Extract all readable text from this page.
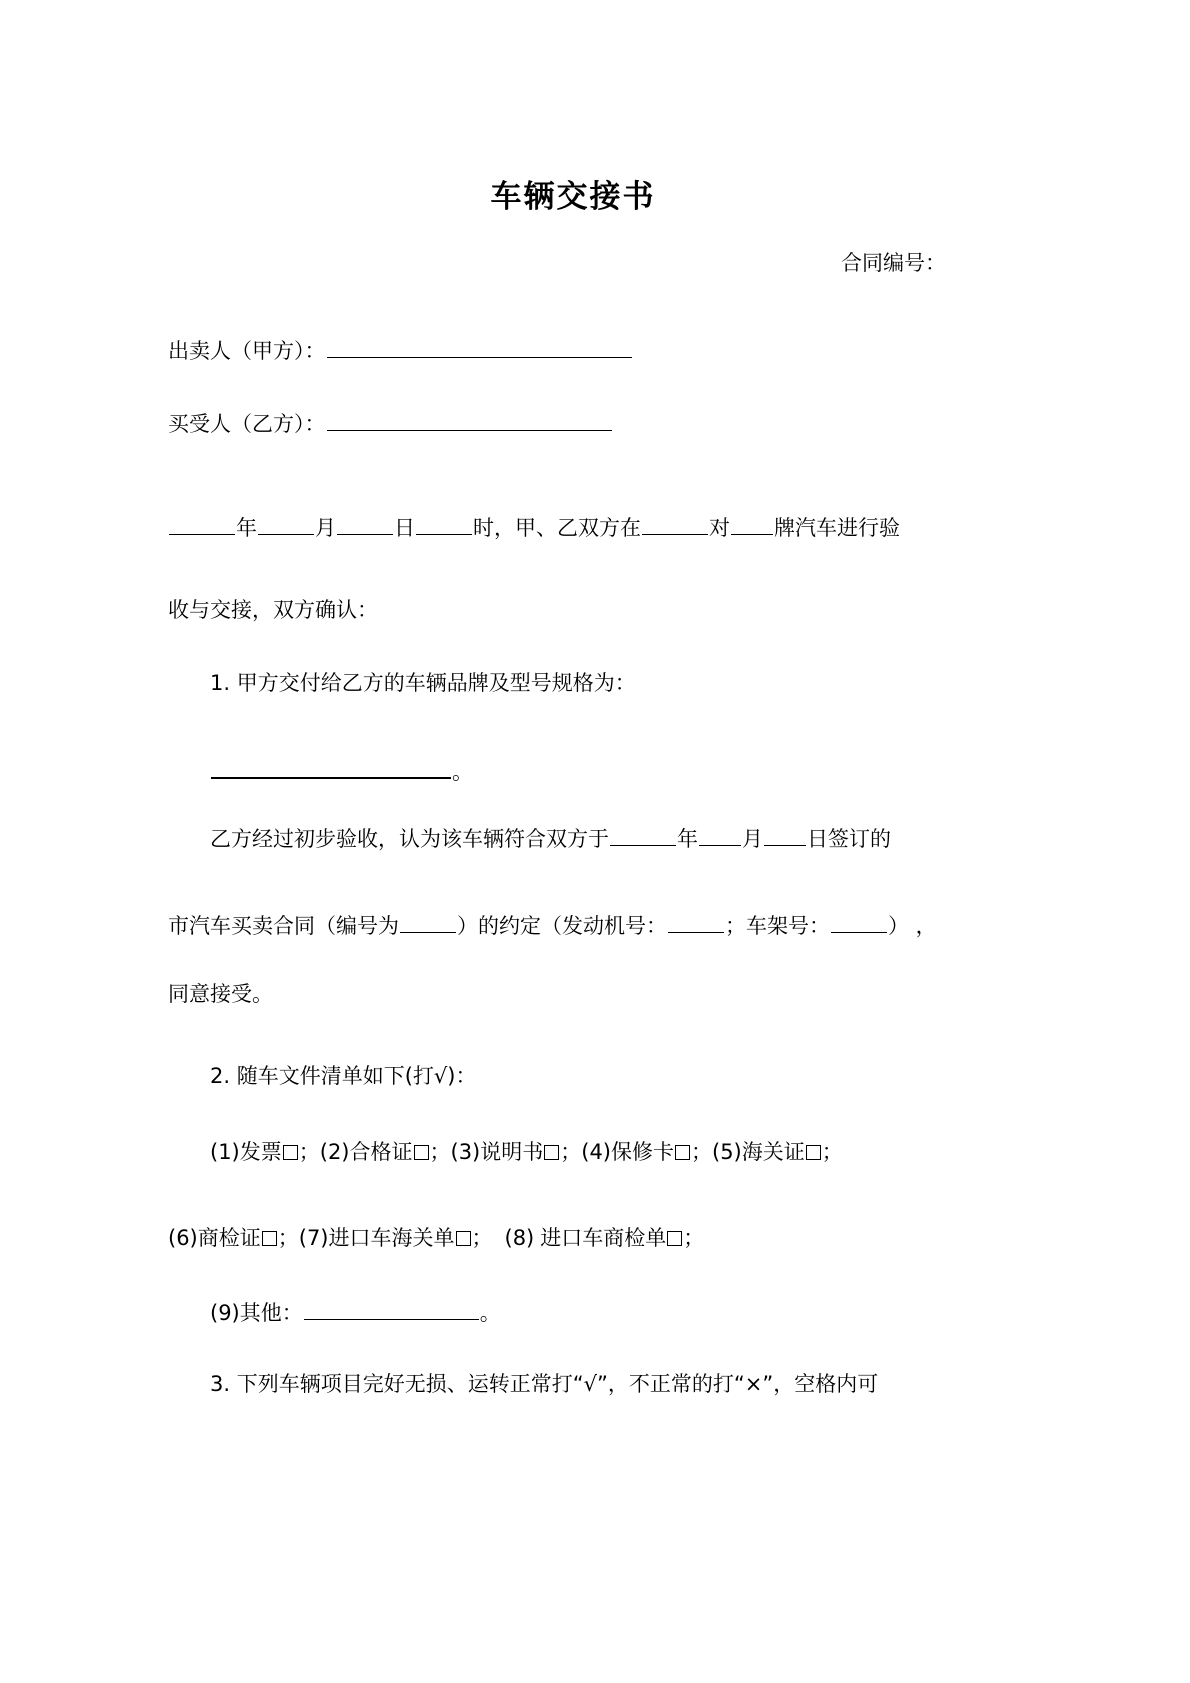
车辆交接书
合同编号：
出卖人（甲方）：
买受人（乙方）：
年	月	日	时，甲、乙双方在	对 牌汽车进行验
收与交接，双方确认：
1. 甲方交付给乙方的车辆品牌及型号规格为：
。
乙方经过初步验收，认为该车辆符合双方于	年 月 日签订的
市汽车买卖合同（编号为	）的约定（发动机号：	；车架号：	） ，
同意接受。
2. 随车文件清单如下(打√)：
(1)发票 ；(2)合格证 ；(3)说明书 ；(4)保修卡 ；(5)海关证 ；
(6)商检证 ；(7)进口车海关单 ； (8) 进口车商检单 ；
(9)其他：	。
3. 下列车辆项目完好无损、运转正常打“√”，不正常的打“×”，空格内可
